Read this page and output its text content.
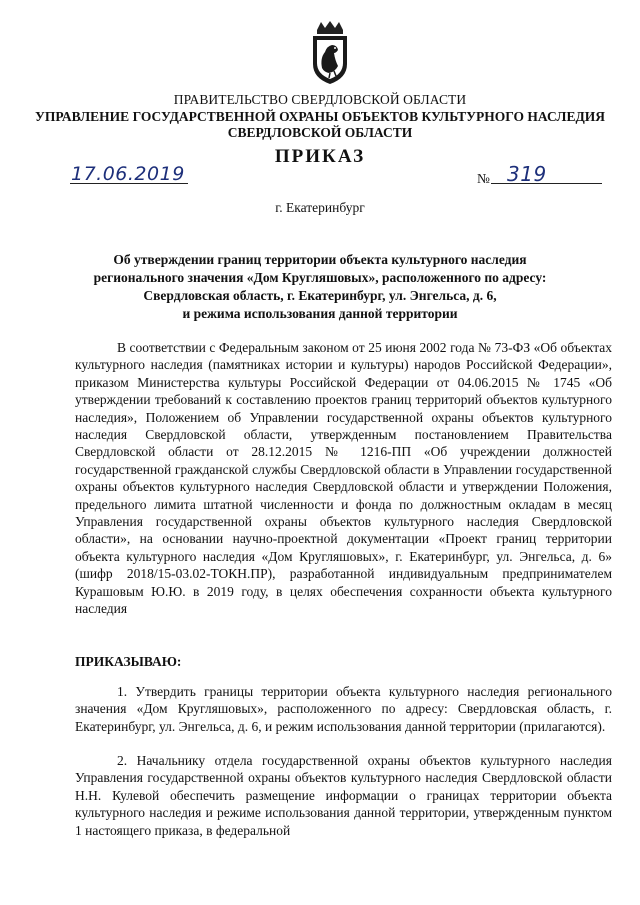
ПРАВИТЕЛЬСТВО СВЕРДЛОВСКОЙ ОБЛАСТИ
УПРАВЛЕНИЕ ГОСУДАРСТВЕННОЙ ОХРАНЫ ОБЪЕКТОВ КУЛЬТУРНОГО НАСЛЕДИЯ
СВЕРДЛОВСКОЙ ОБЛАСТИ
ПРИКАЗ
17.06.2019	№ 319
г. Екатеринбург
Об утверждении границ территории объекта культурного наследия
регионального значения «Дом Кругляшовых», расположенного по адресу:
Свердловская область, г. Екатеринбург, ул. Энгельса, д. 6,
и режима использования данной территории
В соответствии с Федеральным законом от 25 июня 2002 года № 73-ФЗ «Об объектах культурного наследия (памятниках истории и культуры) народов Российской Федерации», приказом Министерства культуры Российской Федерации от 04.06.2015 № 1745 «Об утверждении требований к составлению проектов границ территорий объектов культурного наследия», Положением об Управлении государственной охраны объектов культурного наследия Свердловской области, утвержденным постановлением Правительства Свердловской области от 28.12.2015 № 1216-ПП «Об учреждении должностей государственной гражданской службы Свердловской области в Управлении государственной охраны объектов культурного наследия Свердловской области и утверждении Положения, предельного лимита штатной численности и фонда по должностным окладам в месяц Управления государственной охраны объектов культурного наследия Свердловской области», на основании научно-проектной документации «Проект границ территории объекта культурного наследия «Дом Кругляшовых», г. Екатеринбург, ул. Энгельса, д. 6» (шифр 2018/15-03.02-ТОКН.ПР), разработанной индивидуальным предпринимателем Курашовым Ю.Ю. в 2019 году, в целях обеспечения сохранности объекта культурного наследия
ПРИКАЗЫВАЮ:
1. Утвердить границы территории объекта культурного наследия регионального значения «Дом Кругляшовых», расположенного по адресу: Свердловская область, г. Екатеринбург, ул. Энгельса, д. 6, и режим использования данной территории (прилагаются).
2. Начальнику отдела государственной охраны объектов культурного наследия Управления государственной охраны объектов культурного наследия Свердловской области Н.Н. Кулевой обеспечить размещение информации о границах территории объекта культурного наследия и режиме использования данной территории, утвержденным пунктом 1 настоящего приказа, в федеральной
